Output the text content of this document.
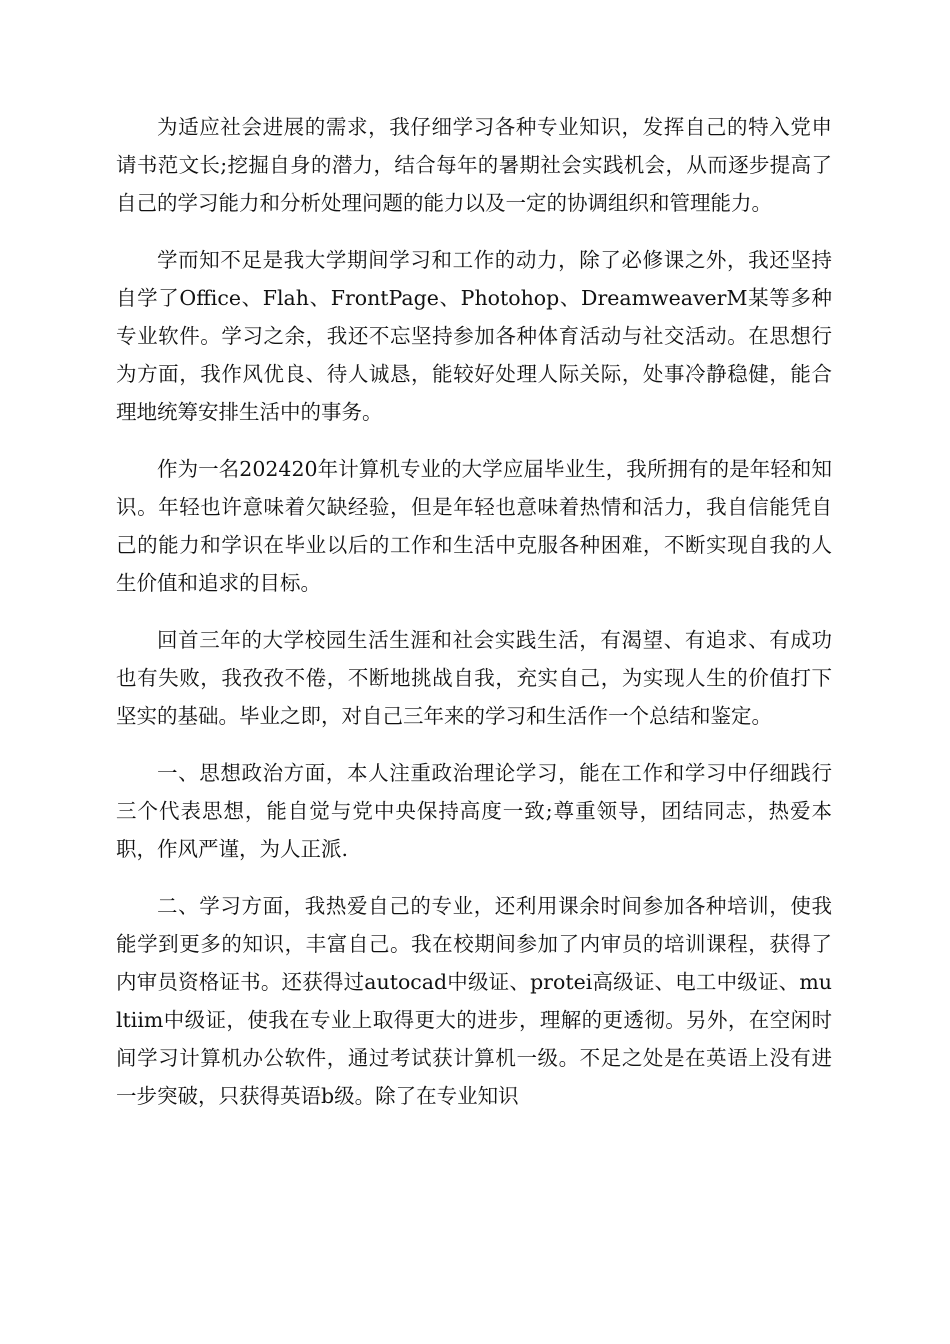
为适应社会进展的需求，我仔细学习各种专业知识，发挥自己的特入党申请书范文长;挖掘自身的潜力，结合每年的暑期社会实践机会，从而逐步提高了自己的学习能力和分析处理问题的能力以及一定的协调组织和管理能力。

学而知不足是我大学期间学习和工作的动力，除了必修课之外，我还坚持自学了Office、Flah、FrontPage、Photohop、DreamweaverM某等多种专业软件。学习之余，我还不忘坚持参加各种体育活动与社交活动。在思想行为方面，我作风优良、待人诚恳，能较好处理人际关际，处事冷静稳健，能合理地统筹安排生活中的事务。

作为一名202420年计算机专业的大学应届毕业生，我所拥有的是年轻和知识。年轻也许意味着欠缺经验，但是年轻也意味着热情和活力，我自信能凭自己的能力和学识在毕业以后的工作和生活中克服各种困难，不断实现自我的人生价值和追求的目标。

回首三年的大学校园生活生涯和社会实践生活，有渴望、有追求、有成功也有失败，我孜孜不倦，不断地挑战自我，充实自己，为实现人生的价值打下坚实的基础。毕业之即，对自己三年来的学习和生活作一个总结和鉴定。

一、思想政治方面，本人注重政治理论学习，能在工作和学习中仔细践行三个代表思想，能自觉与党中央保持高度一致;尊重领导，团结同志，热爱本职，作风严谨，为人正派.

二、学习方面，我热爱自己的专业，还利用课余时间参加各种培训，使我能学到更多的知识，丰富自己。我在校期间参加了内审员的培训课程，获得了内审员资格证书。还获得过autocad中级证、protei高级证、电工中级证、multiim中级证，使我在专业上取得更大的进步，理解的更透彻。另外，在空闲时间学习计算机办公软件，通过考试获计算机一级。不足之处是在英语上没有进一步突破，只获得英语b级。除了在专业知识
